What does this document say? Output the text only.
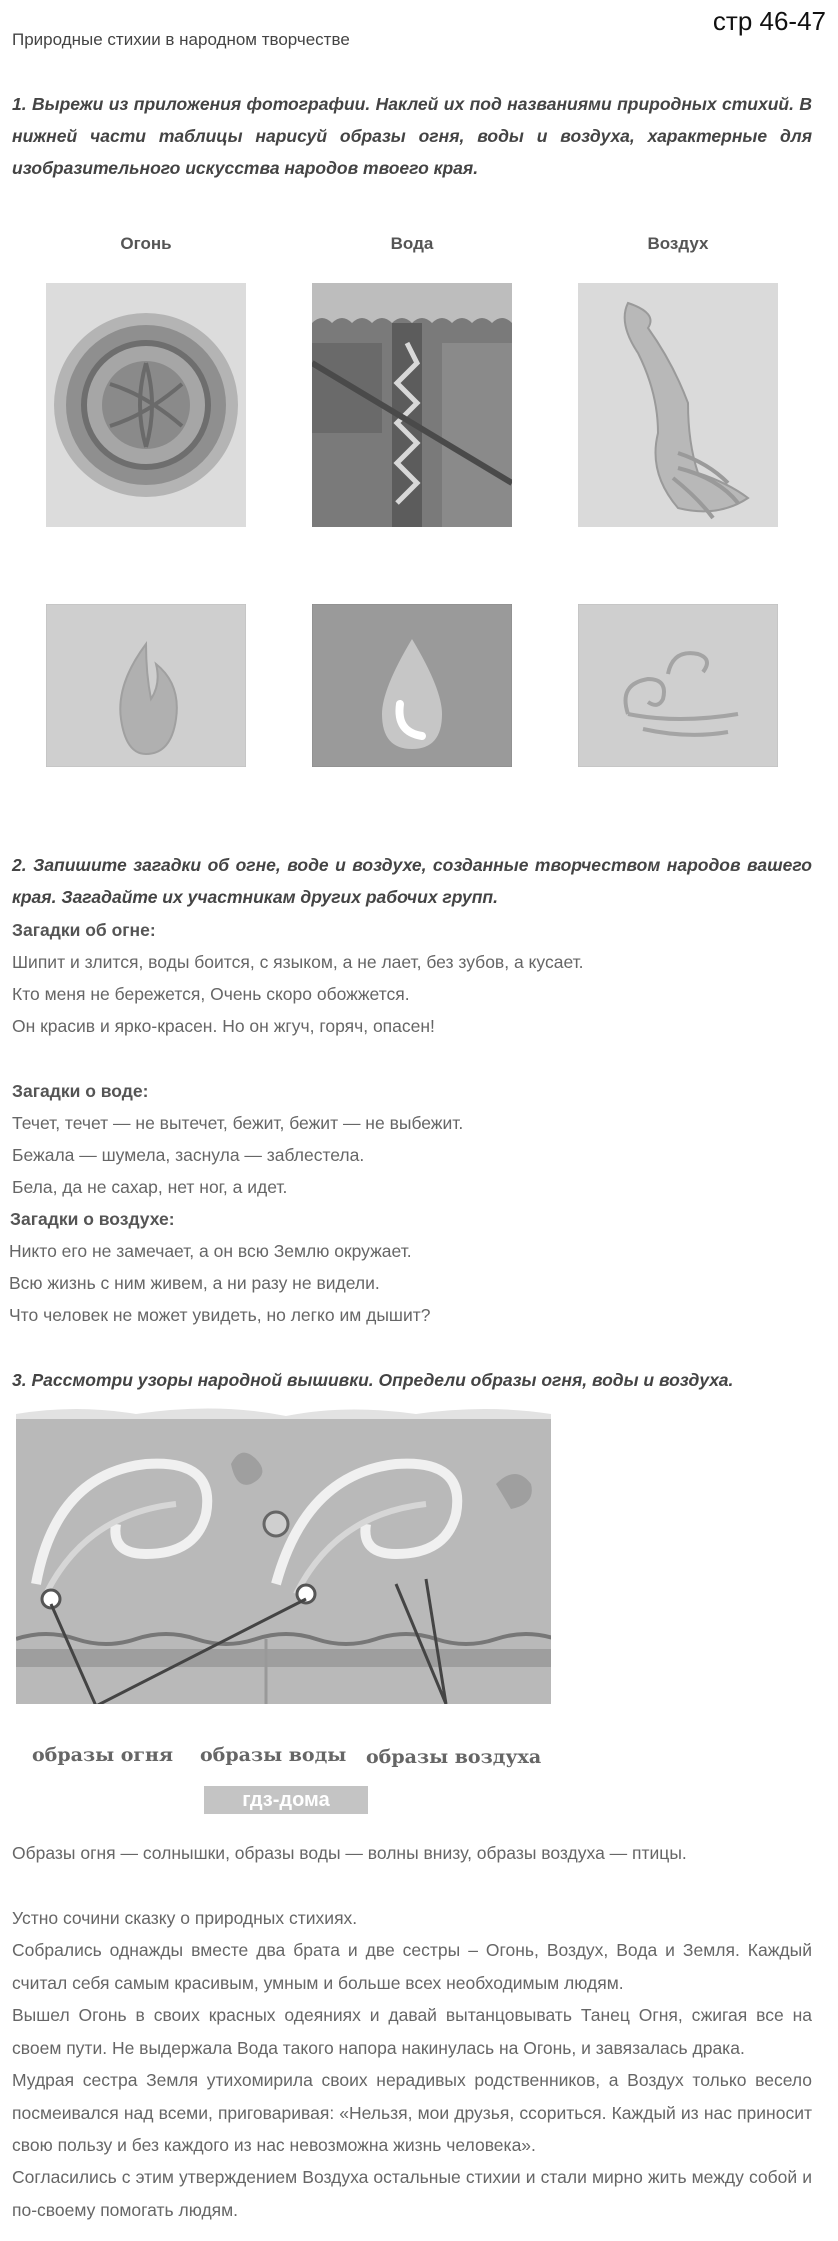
стр 46-47
Природные стихии в народном творчестве
1. Вырежи из приложения фотографии. Наклей их под названиями природных стихий. В нижней части таблицы нарисуй образы огня, воды и воздуха, характерные для изобразительного искусства народов твоего края.
Огонь	Вода	Воздух
2. Запишите загадки об огне, воде и воздухе, созданные творчеством народов вашего края. Загадайте их участникам других рабочих групп.
Загадки об огне:
Шипит и злится, воды боится, с языком, а не лает, без зубов, а кусает.
Кто меня не бережется, Очень скоро обожжется.
Он красив и ярко-красен. Но он жгуч, горяч, опасен!
Загадки о воде:
Течет, течет — не вытечет, бежит, бежит — не выбежит.
Бежала — шумела, заснула — заблестела.
Бела, да не сахар, нет ног, а идет.
Загадки о воздухе:
Никто его не замечает, а он всю Землю окружает.
Всю жизнь с ним живем, а ни разу не видели.
Что человек не может увидеть, но легко им дышит?
3. Рассмотри узоры народной вышивки. Определи образы огня, воды и воздуха.
образы огня образы воды образы воздуха
гдз-дома
Образы огня — солнышки, образы воды — волны внизу, образы воздуха — птицы.
Устно сочини сказку о природных стихиях.
Собрались однажды вместе два брата и две сестры – Огонь, Воздух, Вода и Земля. Каждый считал себя самым красивым, умным и больше всех необходимым людям.
Вышел Огонь в своих красных одеяниях и давай вытанцовывать Танец Огня, сжигая все на своем пути. Не выдержала Вода такого напора накинулась на Огонь, и завязалась драка.
Мудрая сестра Земля утихомирила своих нерадивых родственников, а Воздух только весело посмеивался над всеми, приговаривая: «Нельзя, мои друзья, ссориться. Каждый из нас приносит свою пользу и без каждого из нас невозможна жизнь человека».
Согласились с этим утверждением Воздуха остальные стихии и стали мирно жить между собой и по-своему помогать людям.
